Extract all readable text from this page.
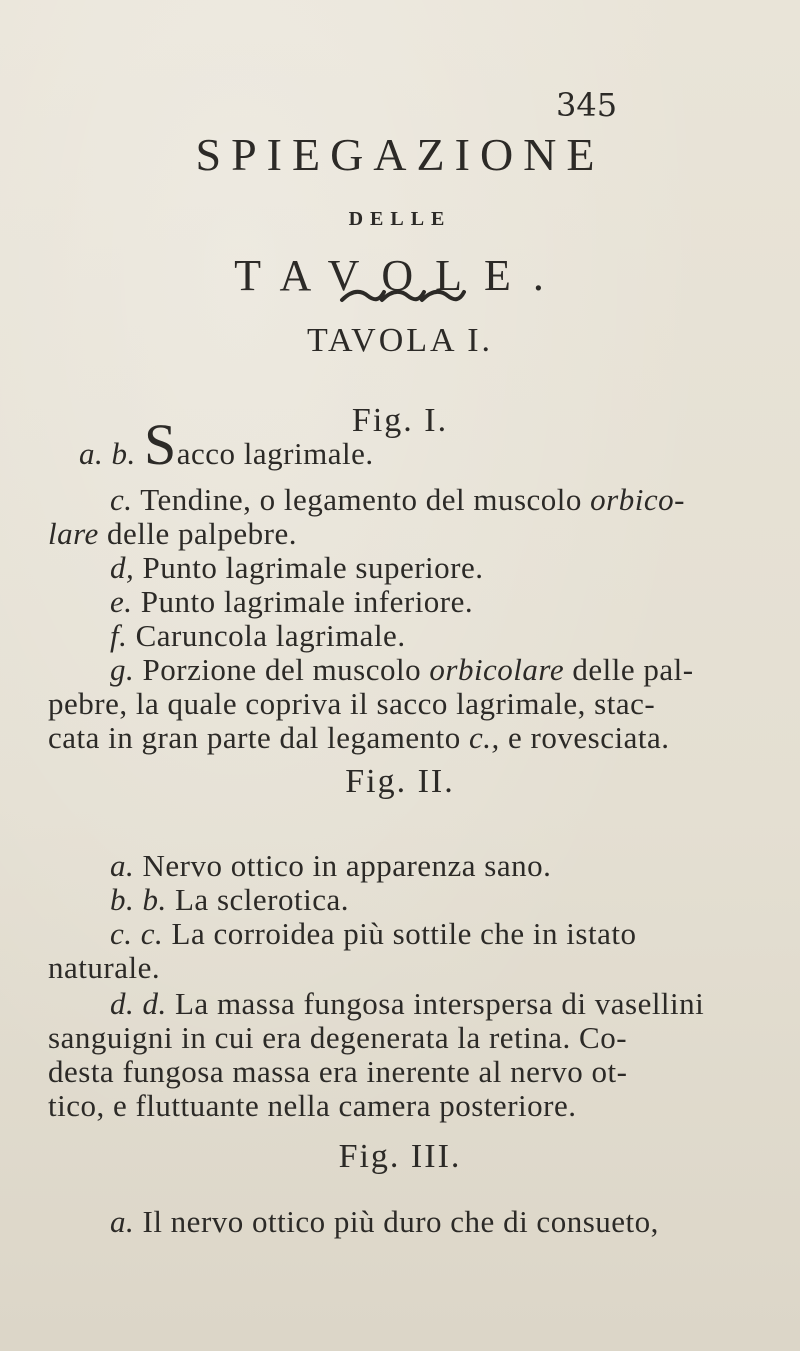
345
SPIEGAZIONE
DELLE
TAVOLE.
TAVOLA I.
Fig. I.
a. b. Sacco lagrimale.
c. Tendine, o legamento del muscolo orbico-
lare delle palpebre.
d, Punto lagrimale superiore.
e. Punto lagrimale inferiore.
f. Caruncola lagrimale.
g. Porzione del muscolo orbicolare delle pal-
pebre, la quale copriva il sacco lagrimale, stac-
cata in gran parte dal legamento c., e rovesciata.
Fig. II.
a. Nervo ottico in apparenza sano.
b. b. La sclerotica.
c. c. La corroidea più sottile che in istato
naturale.
d. d. La massa fungosa interspersa di vasellini
sanguigni in cui era degenerata la retina. Co-
desta fungosa massa era inerente al nervo ot-
tico, e fluttuante nella camera posteriore.
Fig. III.
a. Il nervo ottico più duro che di consueto,
